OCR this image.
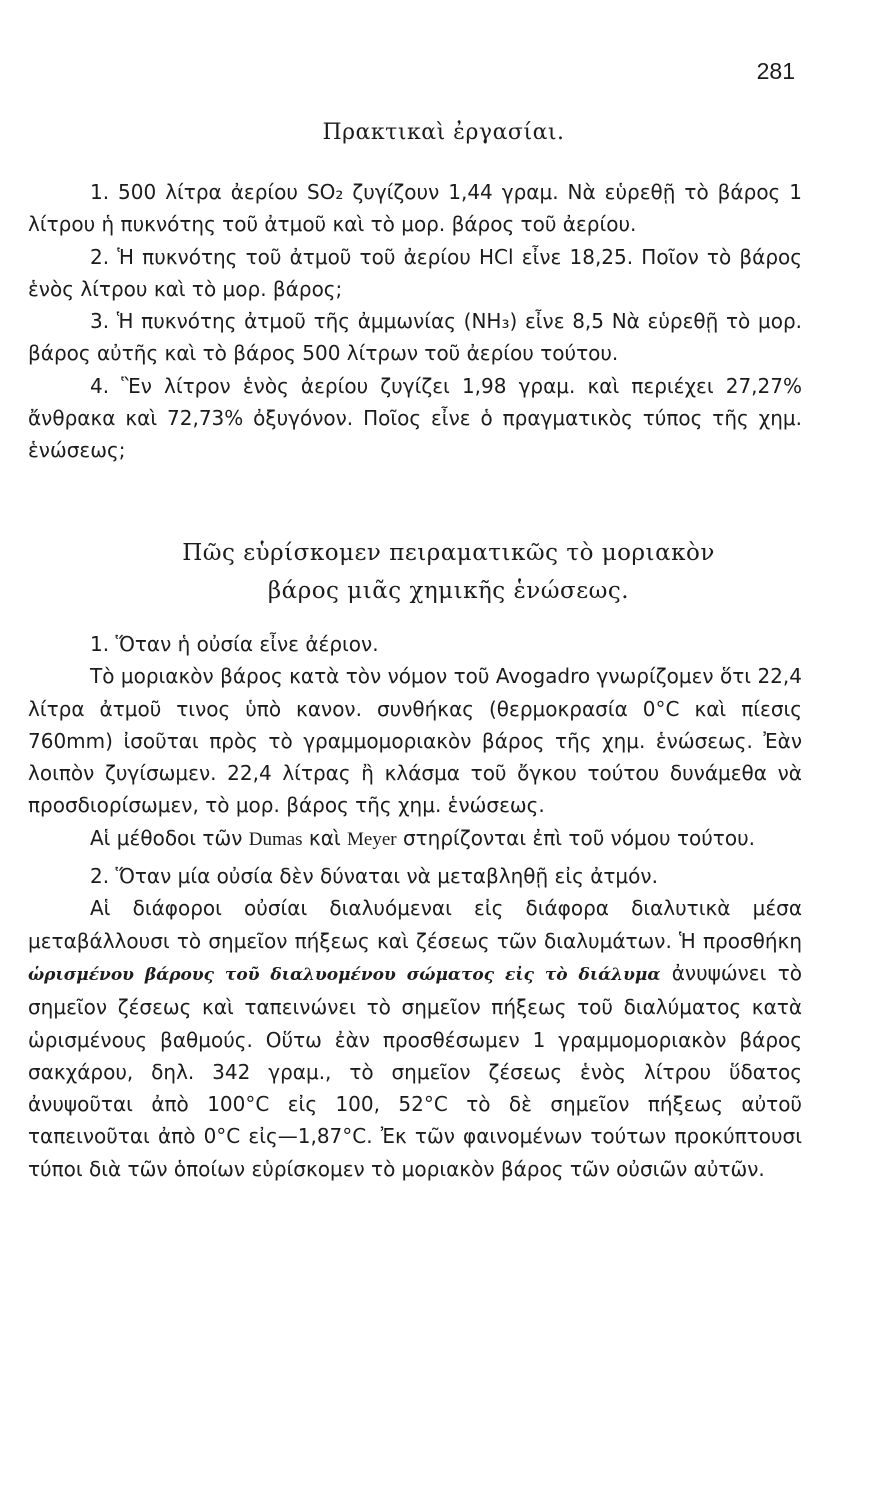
281
Πρακτικαὶ ἐργασίαι.

1. 500 λίτρα ἀερίου SO₂ ζυγίζουν 1,44 γραμ. Νὰ εὑρεθῇ τὸ βάρος 1 λίτρου ἡ πυκνότης τοῦ ἀτμοῦ καὶ τὸ μορ. βάρος τοῦ ἀερίου.

2. Ἡ πυκνότης τοῦ ἀτμοῦ τοῦ ἀερίου HCl εἶνε 18,25. Ποῖον τὸ βάρος ἑνὸς λίτρου καὶ τὸ μορ. βάρος;

3. Ἡ πυκνότης ἀτμοῦ τῆς ἀμμωνίας (NH₃) εἶνε 8,5 Νὰ εὑρεθῇ τὸ μορ. βάρος αὐτῆς καὶ τὸ βάρος 500 λίτρων τοῦ ἀερίου τούτου.

4. Ἓν λίτρον ἑνὸς ἀερίου ζυγίζει 1,98 γραμ. καὶ περιέχει 27,27% ἄνθρακα καὶ 72,73% ὀξυγόνον. Ποῖος εἶνε ὁ πραγματικὸς τύπος τῆς χημ. ἑνώσεως;

Πῶς εὑρίσκομεν πειραματικῶς τὸ μοριακὸν
βάρος μιᾶς χημικῆς ἑνώσεως.

1. Ὅταν ἡ οὐσία εἶνε ἀέριον.

Τὸ μοριακὸν βάρος κατὰ τὸν νόμον τοῦ Avogadro γνωρίζομεν ὅτι 22,4 λίτρα ἀτμοῦ τινος ὑπὸ κανον. συνθήκας (θερμοκρασία 0°C καὶ πίεσις 760mm) ἰσοῦται πρὸς τὸ γραμμομοριακὸν βάρος τῆς χημ. ἑνώσεως. Ἐὰν λοιπὸν ζυγίσωμεν. 22,4 λίτρας ἢ κλάσμα τοῦ ὄγκου τούτου δυνάμεθα νὰ προσδιορίσωμεν, τὸ μορ. βάρος τῆς χημ. ἑνώσεως.

Αἱ μέθοδοι τῶν Dumas καὶ Meyer στηρίζονται ἐπὶ τοῦ νόμου τούτου.

2. Ὅταν μία οὐσία δὲν δύναται νὰ μεταβληθῇ εἰς ἀτμόν.

Αἱ διάφοροι οὐσίαι διαλυόμεναι εἰς διάφορα διαλυτικὰ μέσα μεταβάλλουσι τὸ σημεῖον πήξεως καὶ ζέσεως τῶν διαλυμάτων. Ἡ προσθήκη ὡρισμένου βάρους τοῦ διαλυομένου σώματος εἰς τὸ διάλυμα ἀνυψώνει τὸ σημεῖον ζέσεως καὶ ταπεινώνει τὸ σημεῖον πήξεως τοῦ διαλύματος κατὰ ὡρισμένους βαθμούς. Οὕτω ἐὰν προσθέσωμεν 1 γραμμομοριακὸν βάρος σακχάρου, δηλ. 342 γραμ., τὸ σημεῖον ζέσεως ἑνὸς λίτρου ὕδατος ἀνυψοῦται ἀπὸ 100°C εἰς 100, 52°C τὸ δὲ σημεῖον πήξεως αὐτοῦ ταπεινοῦται ἀπὸ 0°C εἰς—1,87°C. Ἐκ τῶν φαινομένων τούτων προκύπτουσι τύποι διὰ τῶν ὁποίων εὑρίσκομεν τὸ μοριακὸν βάρος τῶν οὐσιῶν αὐτῶν.
